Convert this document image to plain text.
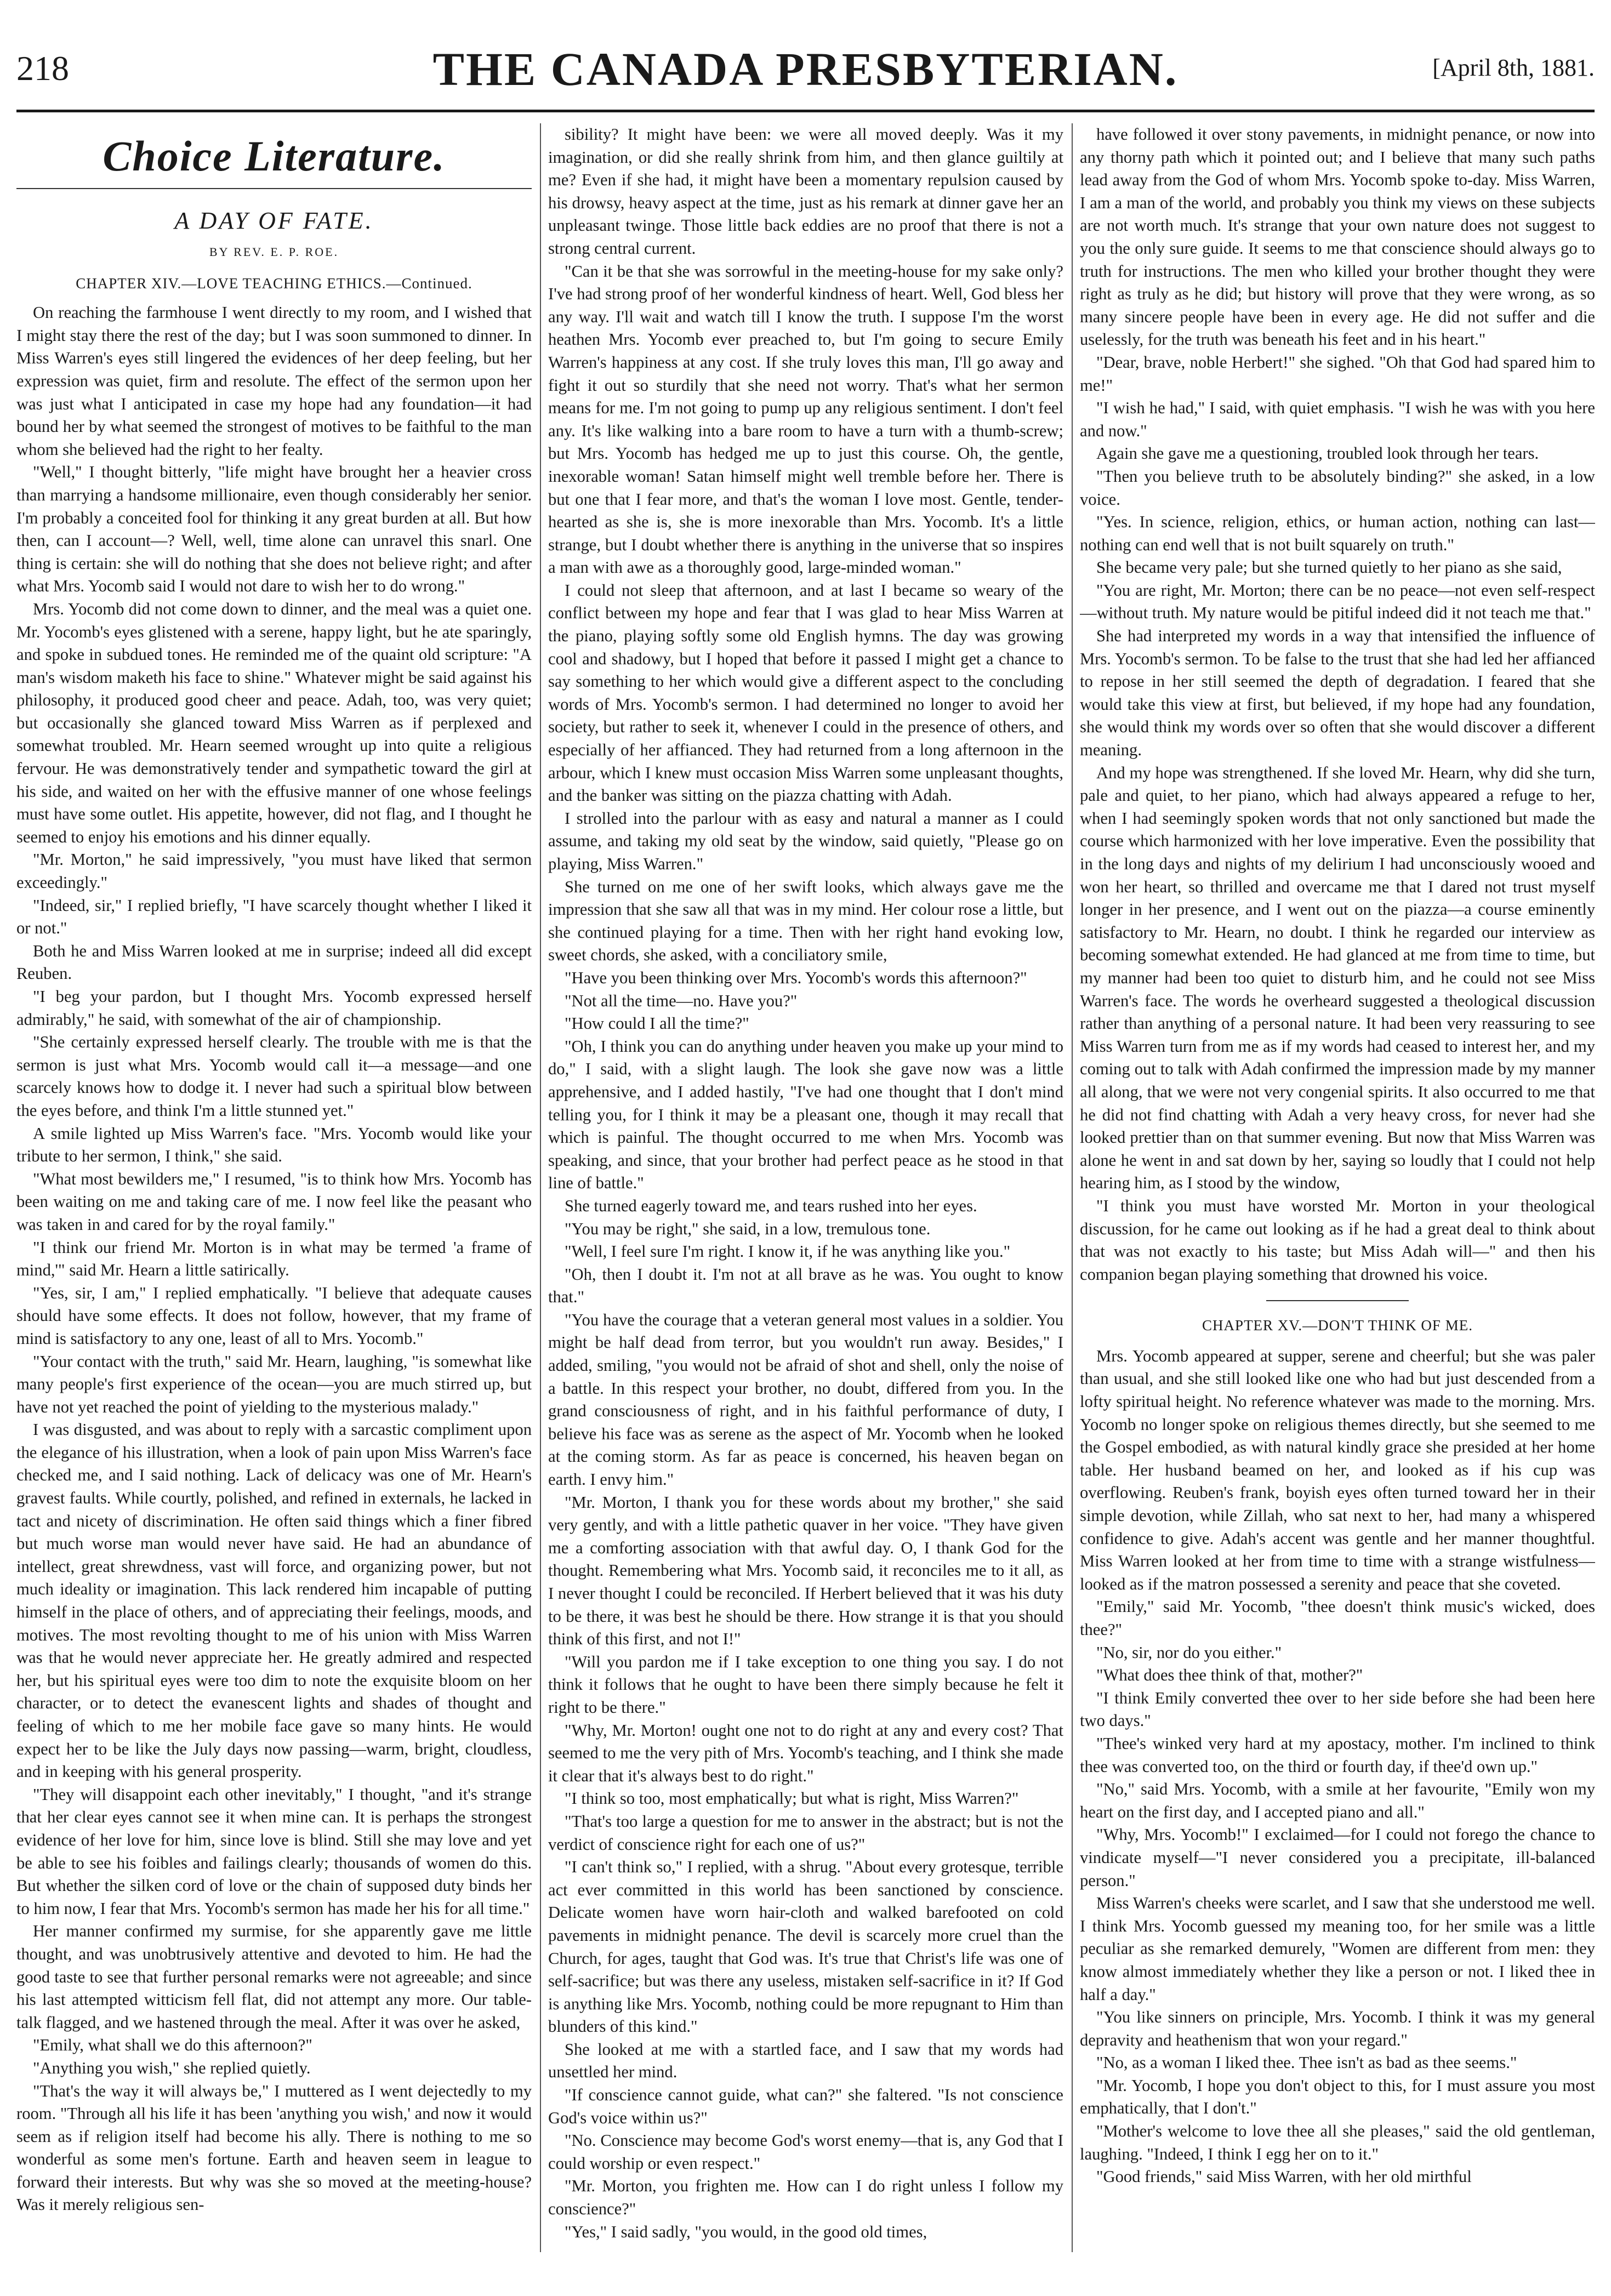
218	THE CANADA PRESBYTERIAN.	[April 8th, 1881.
Choice Literature.
A DAY OF FATE.
BY REV. E. P. ROE.
CHAPTER XIV.—LOVE TEACHING ETHICS.—Continued.

On reaching the farmhouse I went directly to my room, and I wished that I might stay there the rest of the day; but I was soon summoned to dinner. In Miss Warren's eyes still lingered the evidences of her deep feeling, but her expression was quiet, firm and resolute. The effect of the sermon upon her was just what I anticipated in case my hope had any foundation—it had bound her by what seemed the strongest of motives to be faithful to the man whom she believed had the right to her fealty.

"Well," I thought bitterly, "life might have brought her a heavier cross than marrying a handsome millionaire, even though considerably her senior. I'm probably a conceited fool for thinking it any great burden at all. But how then, can I account—? Well, well, time alone can unravel this snarl. One thing is certain: she will do nothing that she does not believe right; and after what Mrs. Yocomb said I would not dare to wish her to do wrong."

Mrs. Yocomb did not come down to dinner, and the meal was a quiet one. Mr. Yocomb's eyes glistened with a serene, happy light, but he ate sparingly, and spoke in subdued tones. He reminded me of the quaint old scripture: "A man's wisdom maketh his face to shine." Whatever might be said against his philosophy, it produced good cheer and peace. Adah, too, was very quiet; but occasionally she glanced toward Miss Warren as if perplexed and somewhat troubled. Mr. Hearn seemed wrought up into quite a religious fervour. He was demonstratively tender and sympathetic toward the girl at his side, and waited on her with the effusive manner of one whose feelings must have some outlet. His appetite, however, did not flag, and I thought he seemed to enjoy his emotions and his dinner equally.

"Mr. Morton," he said impressively, "you must have liked that sermon exceedingly."

"Indeed, sir," I replied briefly, "I have scarcely thought whether I liked it or not."

Both he and Miss Warren looked at me in surprise; indeed all did except Reuben.

"I beg your pardon, but I thought Mrs. Yocomb expressed herself admirably," he said, with somewhat of the air of championship.

"She certainly expressed herself clearly. The trouble with me is that the sermon is just what Mrs. Yocomb would call it—a message—and one scarcely knows how to dodge it. I never had such a spiritual blow between the eyes before, and think I'm a little stunned yet."

A smile lighted up Miss Warren's face. "Mrs. Yocomb would like your tribute to her sermon, I think," she said.

"What most bewilders me," I resumed, "is to think how Mrs. Yocomb has been waiting on me and taking care of me. I now feel like the peasant who was taken in and cared for by the royal family."

"I think our friend Mr. Morton is in what may be termed 'a frame of mind,'" said Mr. Hearn a little satirically.

"Yes, sir, I am," I replied emphatically. "I believe that adequate causes should have some effects. It does not follow, however, that my frame of mind is satisfactory to any one, least of all to Mrs. Yocomb."

"Your contact with the truth," said Mr. Hearn, laughing, "is somewhat like many people's first experience of the ocean—you are much stirred up, but have not yet reached the point of yielding to the mysterious malady."

I was disgusted, and was about to reply with a sarcastic compliment upon the elegance of his illustration, when a look of pain upon Miss Warren's face checked me, and I said nothing. Lack of delicacy was one of Mr. Hearn's gravest faults. While courtly, polished, and refined in externals, he lacked in tact and nicety of discrimination. He often said things which a finer fibred but much worse man would never have said. He had an abundance of intellect, great shrewdness, vast will force, and organizing power, but not much ideality or imagination. This lack rendered him incapable of putting himself in the place of others, and of appreciating their feelings, moods, and motives. The most revolting thought to me of his union with Miss Warren was that he would never appreciate her. He greatly admired and respected her, but his spiritual eyes were too dim to note the exquisite bloom on her character, or to detect the evanescent lights and shades of thought and feeling of which to me her mobile face gave so many hints. He would expect her to be like the July days now passing—warm, bright, cloudless, and in keeping with his general prosperity.

"They will disappoint each other inevitably," I thought, "and it's strange that her clear eyes cannot see it when mine can. It is perhaps the strongest evidence of her love for him, since love is blind. Still she may love and yet be able to see his foibles and failings clearly; thousands of women do this. But whether the silken cord of love or the chain of supposed duty binds her to him now, I fear that Mrs. Yocomb's sermon has made her his for all time."

Her manner confirmed my surmise, for she apparently gave me little thought, and was unobtrusively attentive and devoted to him. He had the good taste to see that further personal remarks were not agreeable; and since his last attempted witticism fell flat, did not attempt any more. Our table-talk flagged, and we hastened through the meal. After it was over he asked,

"Emily, what shall we do this afternoon?"

"Anything you wish," she replied quietly.

"That's the way it will always be," I muttered as I went dejectedly to my room. "Through all his life it has been 'anything you wish,' and now it would seem as if religion itself had become his ally. There is nothing to me so wonderful as some men's fortune. Earth and heaven seem in league to forward their interests. But why was she so moved at the meeting-house? Was it merely religious sen-

sibility? It might have been: we were all moved deeply. Was it my imagination, or did she really shrink from him, and then glance guiltily at me? Even if she had, it might have been a momentary repulsion caused by his drowsy, heavy aspect at the time, just as his remark at dinner gave her an unpleasant twinge. Those little back eddies are no proof that there is not a strong central current.

"Can it be that she was sorrowful in the meeting-house for my sake only? I've had strong proof of her wonderful kindness of heart. Well, God bless her any way. I'll wait and watch till I know the truth. I suppose I'm the worst heathen Mrs. Yocomb ever preached to, but I'm going to secure Emily Warren's happiness at any cost. If she truly loves this man, I'll go away and fight it out so sturdily that she need not worry. That's what her sermon means for me. I'm not going to pump up any religious sentiment. I don't feel any. It's like walking into a bare room to have a turn with a thumb-screw; but Mrs. Yocomb has hedged me up to just this course. Oh, the gentle, inexorable woman! Satan himself might well tremble before her. There is but one that I fear more, and that's the woman I love most. Gentle, tender-hearted as she is, she is more inexorable than Mrs. Yocomb. It's a little strange, but I doubt whether there is anything in the universe that so inspires a man with awe as a thoroughly good, large-minded woman."

I could not sleep that afternoon, and at last I became so weary of the conflict between my hope and fear that I was glad to hear Miss Warren at the piano, playing softly some old English hymns. The day was growing cool and shadowy, but I hoped that before it passed I might get a chance to say something to her which would give a different aspect to the concluding words of Mrs. Yocomb's sermon. I had determined no longer to avoid her society, but rather to seek it, whenever I could in the presence of others, and especially of her affianced. They had returned from a long afternoon in the arbour, which I knew must occasion Miss Warren some unpleasant thoughts, and the banker was sitting on the piazza chatting with Adah.

I strolled into the parlour with as easy and natural a manner as I could assume, and taking my old seat by the window, said quietly, "Please go on playing, Miss Warren."

She turned on me one of her swift looks, which always gave me the impression that she saw all that was in my mind. Her colour rose a little, but she continued playing for a time. Then with her right hand evoking low, sweet chords, she asked, with a conciliatory smile,

"Have you been thinking over Mrs. Yocomb's words this afternoon?"

"Not all the time—no. Have you?"

"How could I all the time?"

"Oh, I think you can do anything under heaven you make up your mind to do," I said, with a slight laugh. The look she gave now was a little apprehensive, and I added hastily, "I've had one thought that I don't mind telling you, for I think it may be a pleasant one, though it may recall that which is painful. The thought occurred to me when Mrs. Yocomb was speaking, and since, that your brother had perfect peace as he stood in that line of battle."

She turned eagerly toward me, and tears rushed into her eyes.

"You may be right," she said, in a low, tremulous tone.

"Well, I feel sure I'm right. I know it, if he was anything like you."

"Oh, then I doubt it. I'm not at all brave as he was. You ought to know that."

"You have the courage that a veteran general most values in a soldier. You might be half dead from terror, but you wouldn't run away. Besides," I added, smiling, "you would not be afraid of shot and shell, only the noise of a battle. In this respect your brother, no doubt, differed from you. In the grand consciousness of right, and in his faithful performance of duty, I believe his face was as serene as the aspect of Mr. Yocomb when he looked at the coming storm. As far as peace is concerned, his heaven began on earth. I envy him."

"Mr. Morton, I thank you for these words about my brother," she said very gently, and with a little pathetic quaver in her voice. "They have given me a comforting association with that awful day. O, I thank God for the thought. Remembering what Mrs. Yocomb said, it reconciles me to it all, as I never thought I could be reconciled. If Herbert believed that it was his duty to be there, it was best he should be there. How strange it is that you should think of this first, and not I!"

"Will you pardon me if I take exception to one thing you say. I do not think it follows that he ought to have been there simply because he felt it right to be there."

"Why, Mr. Morton! ought one not to do right at any and every cost? That seemed to me the very pith of Mrs. Yocomb's teaching, and I think she made it clear that it's always best to do right."

"I think so too, most emphatically; but what is right, Miss Warren?"

"That's too large a question for me to answer in the abstract; but is not the verdict of conscience right for each one of us?"

"I can't think so," I replied, with a shrug. "About every grotesque, terrible act ever committed in this world has been sanctioned by conscience. Delicate women have worn hair-cloth and walked barefooted on cold pavements in midnight penance. The devil is scarcely more cruel than the Church, for ages, taught that God was. It's true that Christ's life was one of self-sacrifice; but was there any useless, mistaken self-sacrifice in it? If God is anything like Mrs. Yocomb, nothing could be more repugnant to Him than blunders of this kind."

She looked at me with a startled face, and I saw that my words had unsettled her mind.

"If conscience cannot guide, what can?" she faltered. "Is not conscience God's voice within us?"

"No. Conscience may become God's worst enemy—that is, any God that I could worship or even respect."

"Mr. Morton, you frighten me. How can I do right unless I follow my conscience?"

"Yes," I said sadly, "you would, in the good old times,

have followed it over stony pavements, in midnight penance, or now into any thorny path which it pointed out; and I believe that many such paths lead away from the God of whom Mrs. Yocomb spoke to-day. Miss Warren, I am a man of the world, and probably you think my views on these subjects are not worth much. It's strange that your own nature does not suggest to you the only sure guide. It seems to me that conscience should always go to truth for instructions. The men who killed your brother thought they were right as truly as he did; but history will prove that they were wrong, as so many sincere people have been in every age. He did not suffer and die uselessly, for the truth was beneath his feet and in his heart."

"Dear, brave, noble Herbert!" she sighed. "Oh that God had spared him to me!"

"I wish he had," I said, with quiet emphasis. "I wish he was with you here and now."

Again she gave me a questioning, troubled look through her tears.

"Then you believe truth to be absolutely binding?" she asked, in a low voice.

"Yes. In science, religion, ethics, or human action, nothing can last—nothing can end well that is not built squarely on truth."

She became very pale; but she turned quietly to her piano as she said,

"You are right, Mr. Morton; there can be no peace—not even self-respect—without truth. My nature would be pitiful indeed did it not teach me that."

She had interpreted my words in a way that intensified the influence of Mrs. Yocomb's sermon. To be false to the trust that she had led her affianced to repose in her still seemed the depth of degradation. I feared that she would take this view at first, but believed, if my hope had any foundation, she would think my words over so often that she would discover a different meaning.

And my hope was strengthened. If she loved Mr. Hearn, why did she turn, pale and quiet, to her piano, which had always appeared a refuge to her, when I had seemingly spoken words that not only sanctioned but made the course which harmonized with her love imperative. Even the possibility that in the long days and nights of my delirium I had unconsciously wooed and won her heart, so thrilled and overcame me that I dared not trust myself longer in her presence, and I went out on the piazza—a course eminently satisfactory to Mr. Hearn, no doubt. I think he regarded our interview as becoming somewhat extended. He had glanced at me from time to time, but my manner had been too quiet to disturb him, and he could not see Miss Warren's face. The words he overheard suggested a theological discussion rather than anything of a personal nature. It had been very reassuring to see Miss Warren turn from me as if my words had ceased to interest her, and my coming out to talk with Adah confirmed the impression made by my manner all along, that we were not very congenial spirits. It also occurred to me that he did not find chatting with Adah a very heavy cross, for never had she looked prettier than on that summer evening. But now that Miss Warren was alone he went in and sat down by her, saying so loudly that I could not help hearing him, as I stood by the window,

"I think you must have worsted Mr. Morton in your theological discussion, for he came out looking as if he had a great deal to think about that was not exactly to his taste; but Miss Adah will—" and then his companion began playing something that drowned his voice.

CHAPTER XV.—DON'T THINK OF ME.

Mrs. Yocomb appeared at supper, serene and cheerful; but she was paler than usual, and she still looked like one who had but just descended from a lofty spiritual height. No reference whatever was made to the morning. Mrs. Yocomb no longer spoke on religious themes directly, but she seemed to me the Gospel embodied, as with natural kindly grace she presided at her home table. Her husband beamed on her, and looked as if his cup was overflowing. Reuben's frank, boyish eyes often turned toward her in their simple devotion, while Zillah, who sat next to her, had many a whispered confidence to give. Adah's accent was gentle and her manner thoughtful. Miss Warren looked at her from time to time with a strange wistfulness—looked as if the matron possessed a serenity and peace that she coveted.

"Emily," said Mr. Yocomb, "thee doesn't think music's wicked, does thee?"

"No, sir, nor do you either."

"What does thee think of that, mother?"

"I think Emily converted thee over to her side before she had been here two days."

"Thee's winked very hard at my apostacy, mother. I'm inclined to think thee was converted too, on the third or fourth day, if thee'd own up."

"No," said Mrs. Yocomb, with a smile at her favourite, "Emily won my heart on the first day, and I accepted piano and all."

"Why, Mrs. Yocomb!" I exclaimed—for I could not forego the chance to vindicate myself—"I never considered you a precipitate, ill-balanced person."

Miss Warren's cheeks were scarlet, and I saw that she understood me well. I think Mrs. Yocomb guessed my meaning too, for her smile was a little peculiar as she remarked demurely, "Women are different from men: they know almost immediately whether they like a person or not. I liked thee in half a day."

"You like sinners on principle, Mrs. Yocomb. I think it was my general depravity and heathenism that won your regard."

"No, as a woman I liked thee. Thee isn't as bad as thee seems."

"Mr. Yocomb, I hope you don't object to this, for I must assure you most emphatically, that I don't."

"Mother's welcome to love thee all she pleases," said the old gentleman, laughing. "Indeed, I think I egg her on to it."

"Good friends," said Miss Warren, with her old mirthful
